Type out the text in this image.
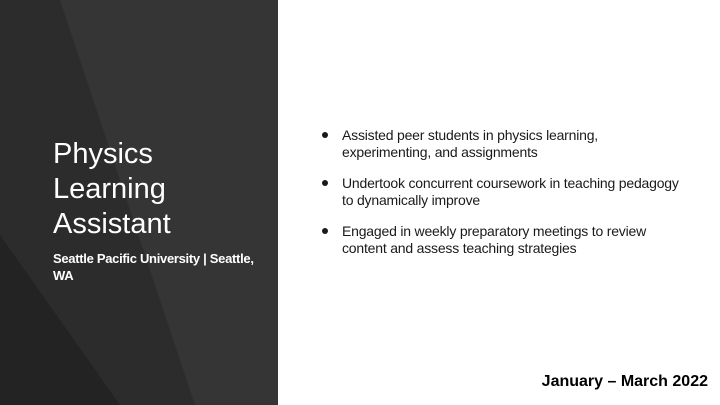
Physics Learning Assistant

Seattle Pacific University | Seattle, WA

Assisted peer students in physics learning, experimenting, and assignments
Undertook concurrent coursework in teaching pedagogy to dynamically improve
Engaged in weekly preparatory meetings to review content and assess teaching strategies

January – March 2022
